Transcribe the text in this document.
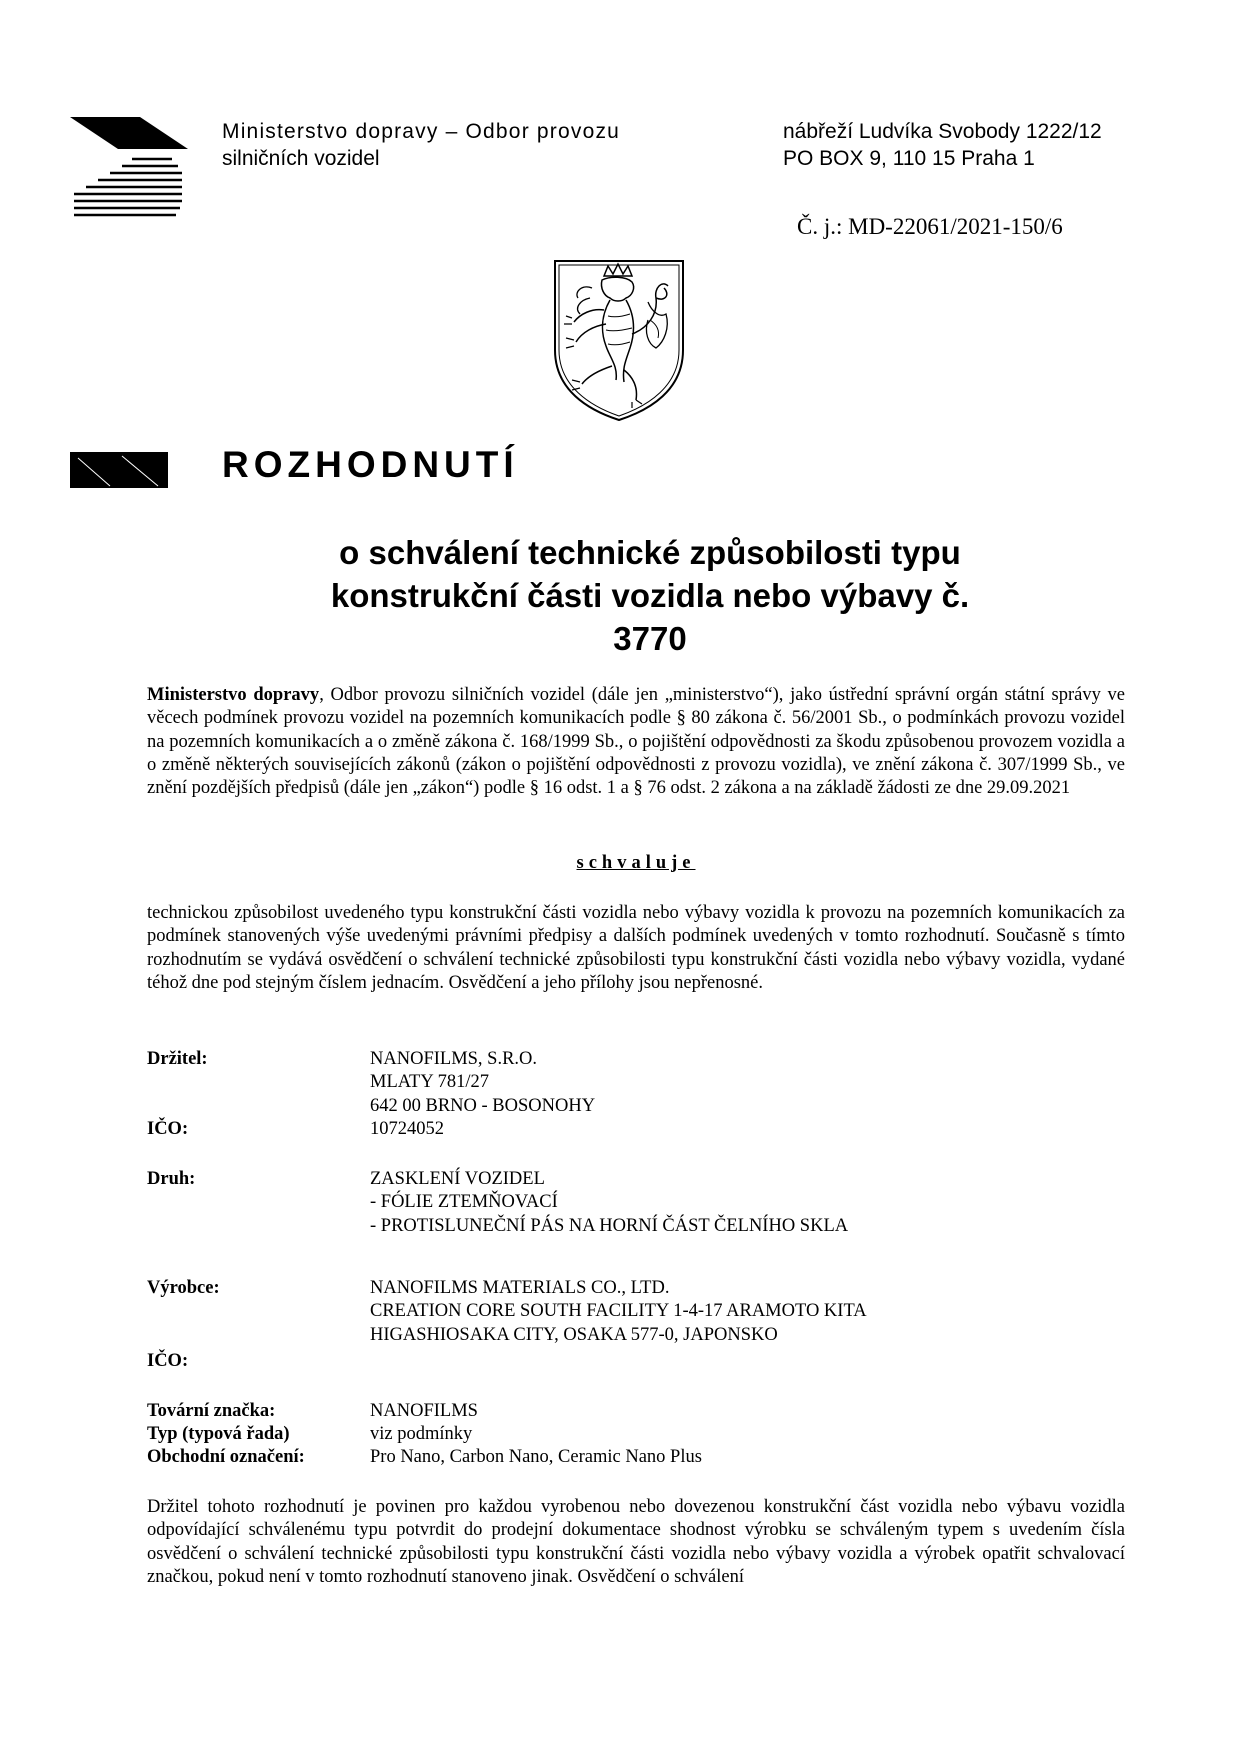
Ministerstvo dopravy – Odbor provozu
silničních vozidel
nábřeží Ludvíka Svobody 1222/12
PO BOX 9, 110 15 Praha 1
Č. j.: MD-22061/2021-150/6
ROZHODNUTÍ
o schválení technické způsobilosti typu
konstrukční části vozidla nebo výbavy č.
3770
Ministerstvo dopravy, Odbor provozu silničních vozidel (dále jen „ministerstvo“), jako ústřední správní orgán státní správy ve věcech podmínek provozu vozidel na pozemních komunikacích podle § 80 zákona č. 56/2001 Sb., o podmínkách provozu vozidel na pozemních komunikacích a o změně zákona č. 168/1999 Sb., o pojištění odpovědnosti za škodu způsobenou provozem vozidla a o změně některých souvisejících zákonů (zákon o pojištění odpovědnosti z provozu vozidla), ve znění zákona č. 307/1999 Sb., ve znění pozdějších předpisů (dále jen „zákon“) podle § 16 odst. 1 a § 76 odst. 2 zákona a na základě žádosti ze dne 29.09.2021
schvaluje
technickou způsobilost uvedeného typu konstrukční části vozidla nebo výbavy vozidla k provozu na pozemních komunikacích za podmínek stanovených výše uvedenými právními předpisy a dalších podmínek uvedených v tomto rozhodnutí. Současně s tímto rozhodnutím se vydává osvědčení o schválení technické způsobilosti typu konstrukční části vozidla nebo výbavy vozidla, vydané téhož dne pod stejným číslem jednacím. Osvědčení a jeho přílohy jsou nepřenosné.
Držitel:	NANOFILMS, S.R.O.
MLATY 781/27
642 00 BRNO - BOSONOHY
IČO:	10724052
Druh:	ZASKLENÍ VOZIDEL
- FÓLIE ZTEMŇOVACÍ
- PROTISLUNEČNÍ PÁS NA HORNÍ ČÁST ČELNÍHO SKLA
Výrobce:	NANOFILMS MATERIALS CO., LTD.
CREATION CORE SOUTH FACILITY 1-4-17 ARAMOTO KITA
HIGASHIOSAKA CITY, OSAKA 577-0, JAPONSKO
IČO:
Tovární značka:	NANOFILMS
Typ (typová řada)	viz podmínky
Obchodní označení:	Pro Nano, Carbon Nano, Ceramic Nano Plus
Držitel tohoto rozhodnutí je povinen pro každou vyrobenou nebo dovezenou konstrukční část vozidla nebo výbavu vozidla odpovídající schválenému typu potvrdit do prodejní dokumentace shodnost výrobku se schváleným typem s uvedením čísla osvědčení o schválení technické způsobilosti typu konstrukční části vozidla nebo výbavy vozidla a výrobek opatřit schvalovací značkou, pokud není v tomto rozhodnutí stanoveno jinak. Osvědčení o schválení
